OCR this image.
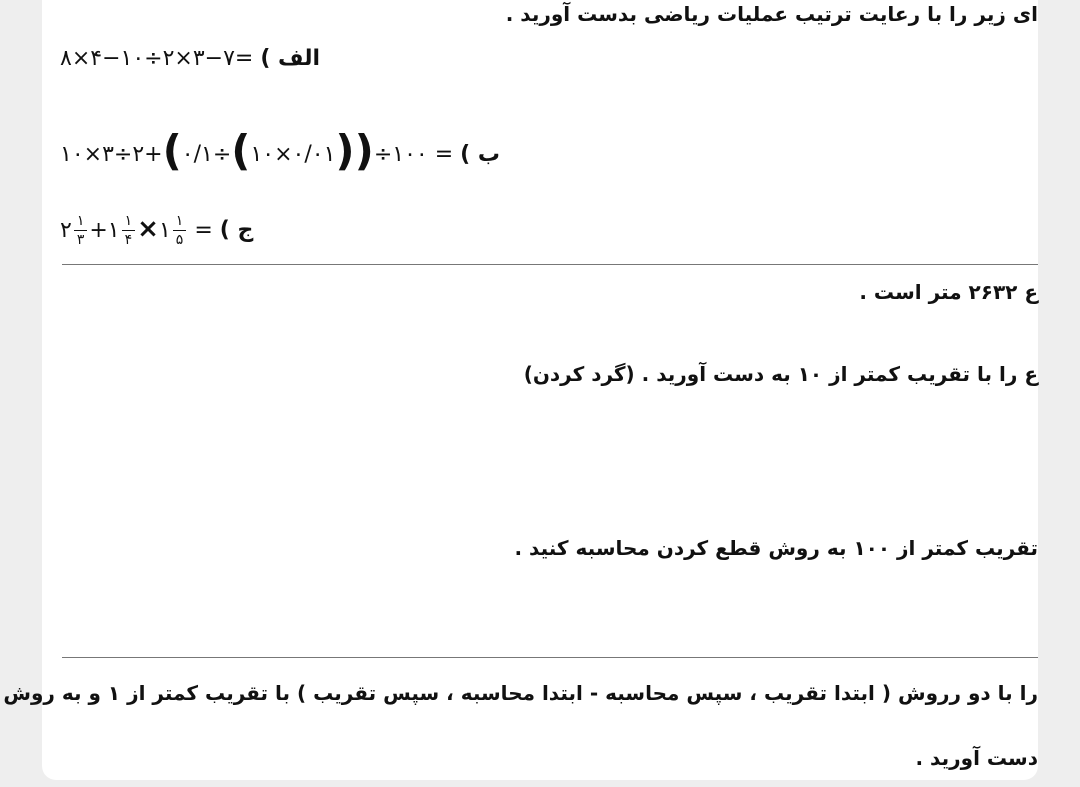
ای زیر را با رعایت ترتیب عملیات ریاضی بدست آورید .
الف ) ۸×۴−۱۰÷۲×۳−۷=
ب ) ۱۰×۳÷۲+(۰/۱÷(۱۰×۰/۰۱))÷۱۰۰ =
ج ) ۲ $\frac{۱}{۳}$ +۱ $\frac{۱}{۴}$ ×۱ $\frac{۱}{۵}$ =
ع ۲۶۳۲ متر است .
ع را با تقریب کمتر از ۱۰ به دست آورید . (گرد کردن)
تقریب کمتر از ۱۰۰ به روش قطع کردن محاسبه کنید .
را با دو رروش ( ابتدا تقریب ، سپس محاسبه - ابتدا محاسبه ، سپس تقریب ) با تقریب کمتر از ۱ و به روش
دست آورید .
